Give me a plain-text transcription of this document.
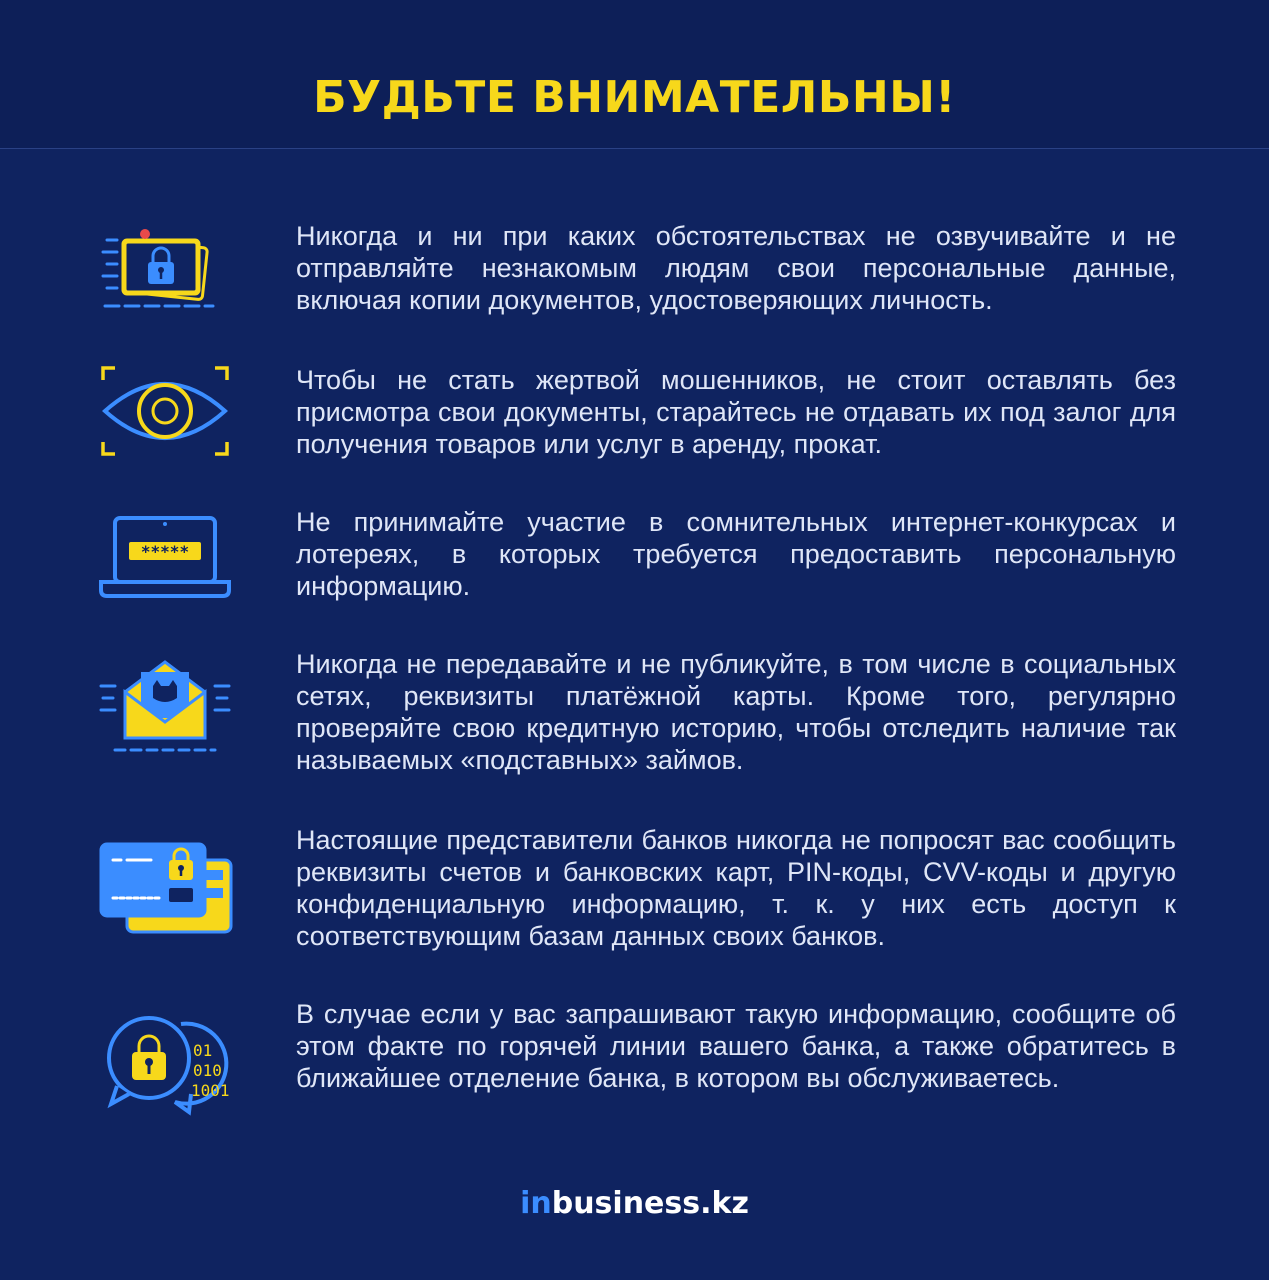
БУДЬТЕ ВНИМАТЕЛЬНЫ!

Никогда и ни при каких обстоятельствах не озвучивайте и не отправляйте незнакомым людям свои персональные данные, включая копии документов, удостоверяющих личность.

Чтобы не стать жертвой мошенников, не стоит оставлять без присмотра свои документы, старайтесь не отдавать их под залог для получения товаров или услуг в аренду, прокат.

*****

Не принимайте участие в сомнительных интернет-конкурсах и лотереях, в которых требуется предоставить персональную информацию.

Никогда не передавайте и не публикуйте, в том числе в социальных сетях, реквизиты платёжной карты. Кроме того, регулярно проверяйте свою кредитную историю, чтобы отследить наличие так называемых «подставных» займов.

Настоящие представители банков никогда не попросят вас сообщить реквизиты счетов и банковских карт, PIN-коды, CVV-коды и другую конфиденциальную информацию, т. к. у них есть доступ к соответствующим базам данных своих банков.

01
010
1001

В случае если у вас запрашивают такую информацию, сообщите об этом факте по горячей линии вашего банка, а также обратитесь в ближайшее отделение банка, в котором вы обслуживаетесь.

inbusiness.kz
